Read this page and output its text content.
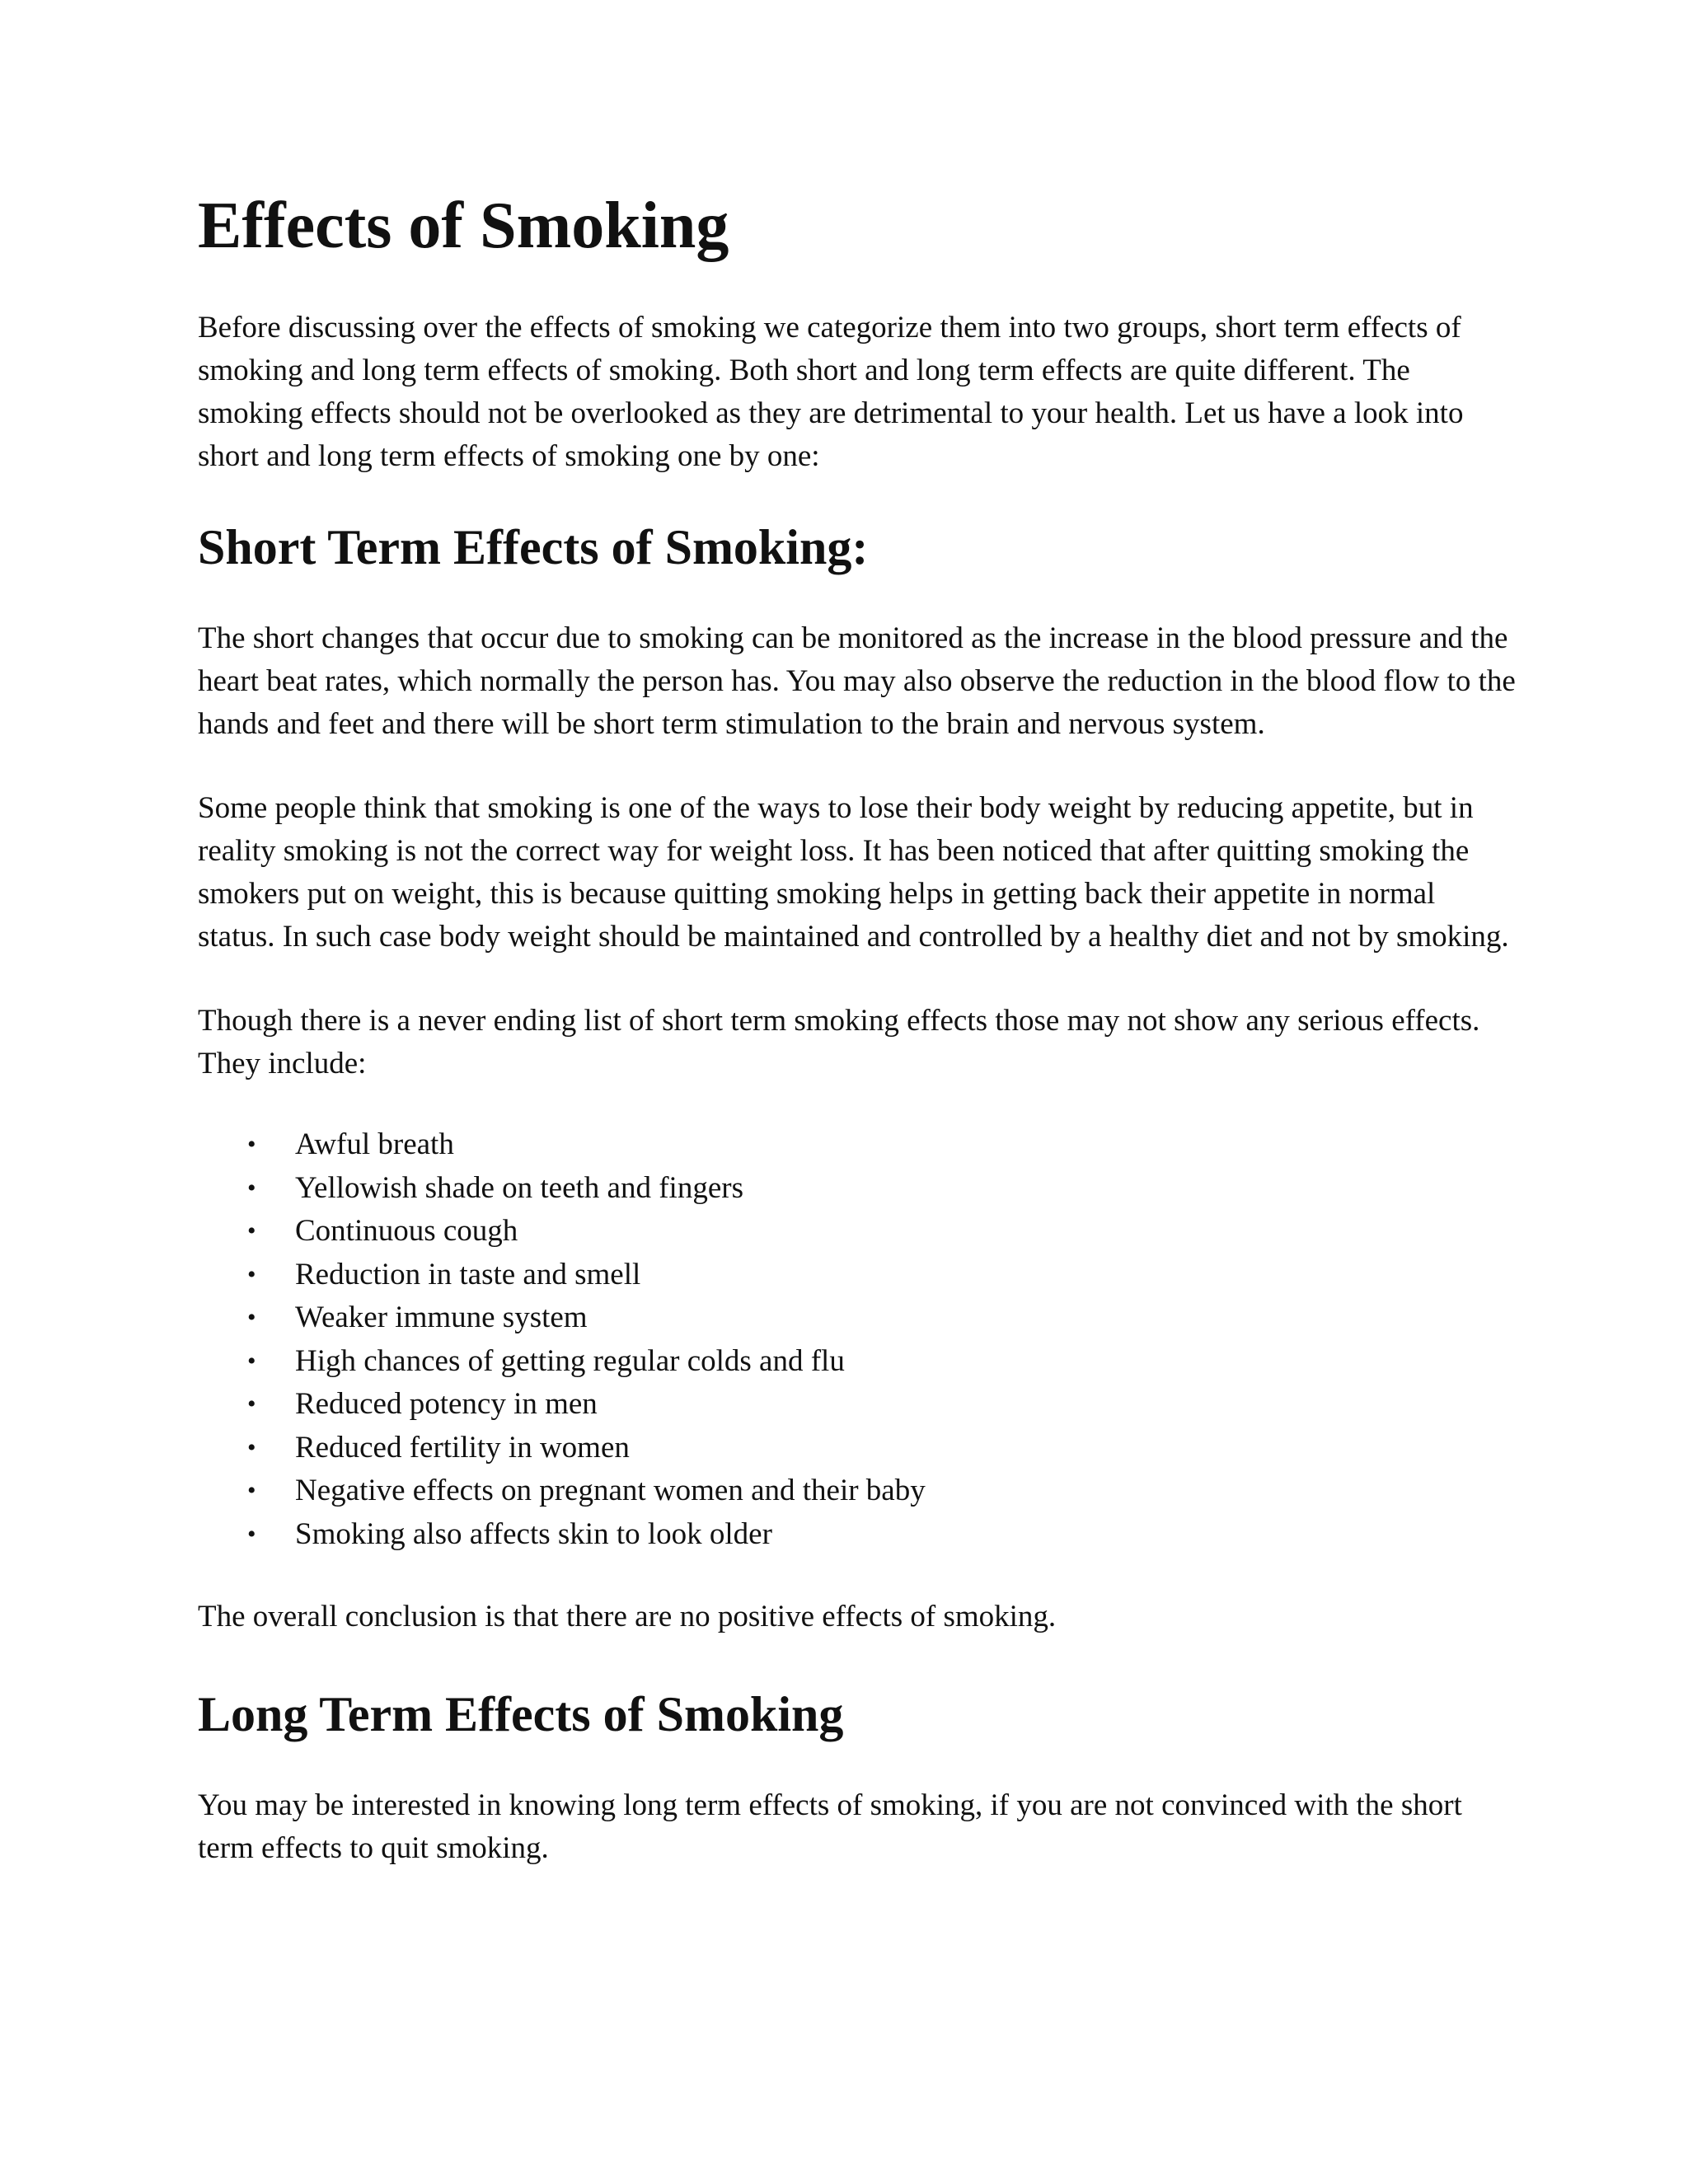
Effects of Smoking

Before discussing over the effects of smoking we categorize them into two groups, short term effects of smoking and long term effects of smoking. Both short and long term effects are quite different. The smoking effects should not be overlooked as they are detrimental to your health. Let us have a look into short and long term effects of smoking one by one:

Short Term Effects of Smoking:

The short changes that occur due to smoking can be monitored as the increase in the blood pressure and the heart beat rates, which normally the person has. You may also observe the reduction in the blood flow to the hands and feet and there will be short term stimulation to the brain and nervous system.

Some people think that smoking is one of the ways to lose their body weight by reducing appetite, but in reality smoking is not the correct way for weight loss. It has been noticed that after quitting smoking the smokers put on weight, this is because quitting smoking helps in getting back their appetite in normal status. In such case body weight should be maintained and controlled by a healthy diet and not by smoking.

Though there is a never ending list of short term smoking effects those may not show any serious effects. They include:

• Awful breath
• Yellowish shade on teeth and fingers
• Continuous cough
• Reduction in taste and smell
• Weaker immune system
• High chances of getting regular colds and flu
• Reduced potency in men
• Reduced fertility in women
• Negative effects on pregnant women and their baby
• Smoking also affects skin to look older

The overall conclusion is that there are no positive effects of smoking.

Long Term Effects of Smoking

You may be interested in knowing long term effects of smoking, if you are not convinced with the short term effects to quit smoking.
